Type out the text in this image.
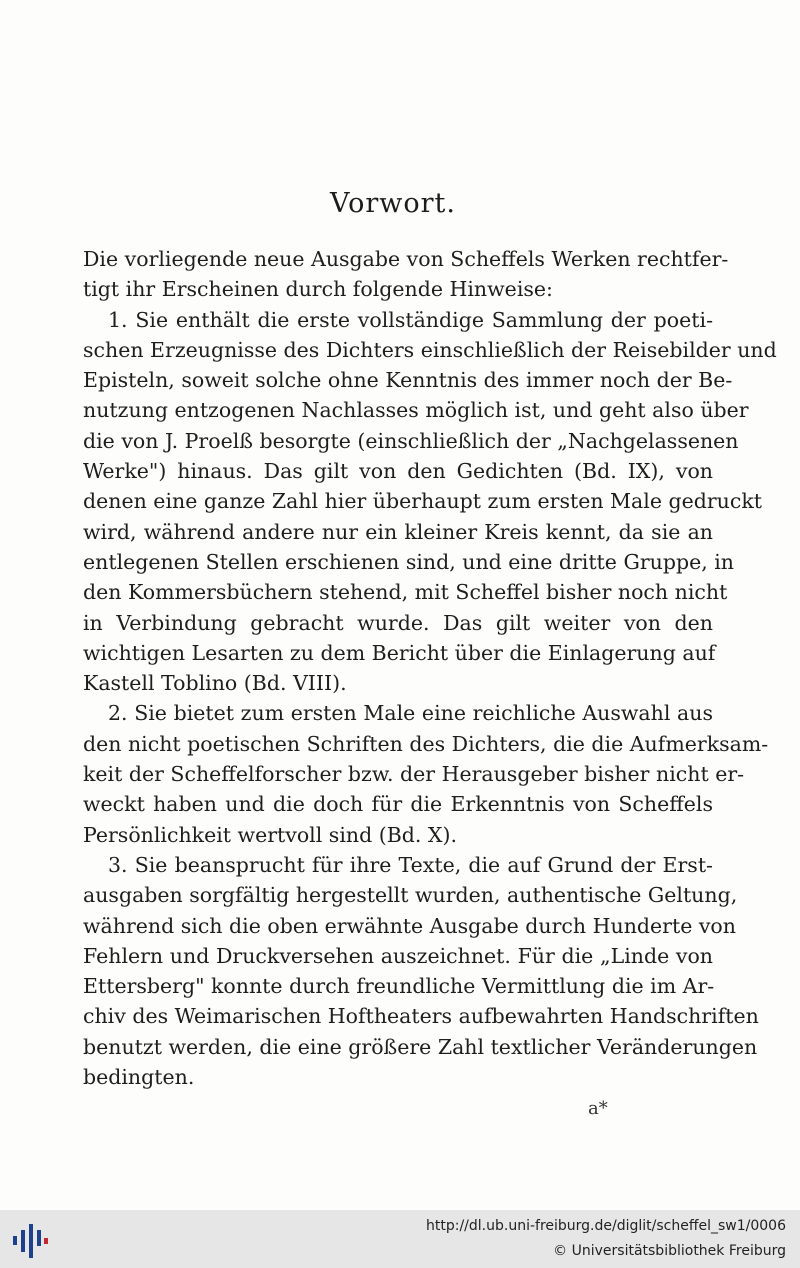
Vorwort.
Die vorliegende neue Ausgabe von Scheffels Werken rechtfer-
tigt ihr Erscheinen durch folgende Hinweise:
1. Sie enthält die erste vollständige Sammlung der poeti-
schen Erzeugnisse des Dichters einschließlich der Reisebilder und
Episteln, soweit solche ohne Kenntnis des immer noch der Be-
nutzung entzogenen Nachlasses möglich ist, und geht also über
die von J. Proelß besorgte (einschließlich der „Nachgelassenen
Werke") hinaus. Das gilt von den Gedichten (Bd. IX), von
denen eine ganze Zahl hier überhaupt zum ersten Male gedruckt
wird, während andere nur ein kleiner Kreis kennt, da sie an
entlegenen Stellen erschienen sind, und eine dritte Gruppe, in
den Kommersbüchern stehend, mit Scheffel bisher noch nicht
in Verbindung gebracht wurde. Das gilt weiter von den
wichtigen Lesarten zu dem Bericht über die Einlagerung auf
Kastell Toblino (Bd. VIII).
2. Sie bietet zum ersten Male eine reichliche Auswahl aus
den nicht poetischen Schriften des Dichters, die die Aufmerksam-
keit der Scheffelforscher bzw. der Herausgeber bisher nicht er-
weckt haben und die doch für die Erkenntnis von Scheffels
Persönlichkeit wertvoll sind (Bd. X).
3. Sie beansprucht für ihre Texte, die auf Grund der Erst-
ausgaben sorgfältig hergestellt wurden, authentische Geltung,
während sich die oben erwähnte Ausgabe durch Hunderte von
Fehlern und Druckversehen auszeichnet. Für die „Linde von
Ettersberg" konnte durch freundliche Vermittlung die im Ar-
chiv des Weimarischen Hoftheaters aufbewahrten Handschriften
benutzt werden, die eine größere Zahl textlicher Veränderungen
bedingten.
a*
http://dl.ub.uni-freiburg.de/diglit/scheffel_sw1/0006
© Universitätsbibliothek Freiburg
